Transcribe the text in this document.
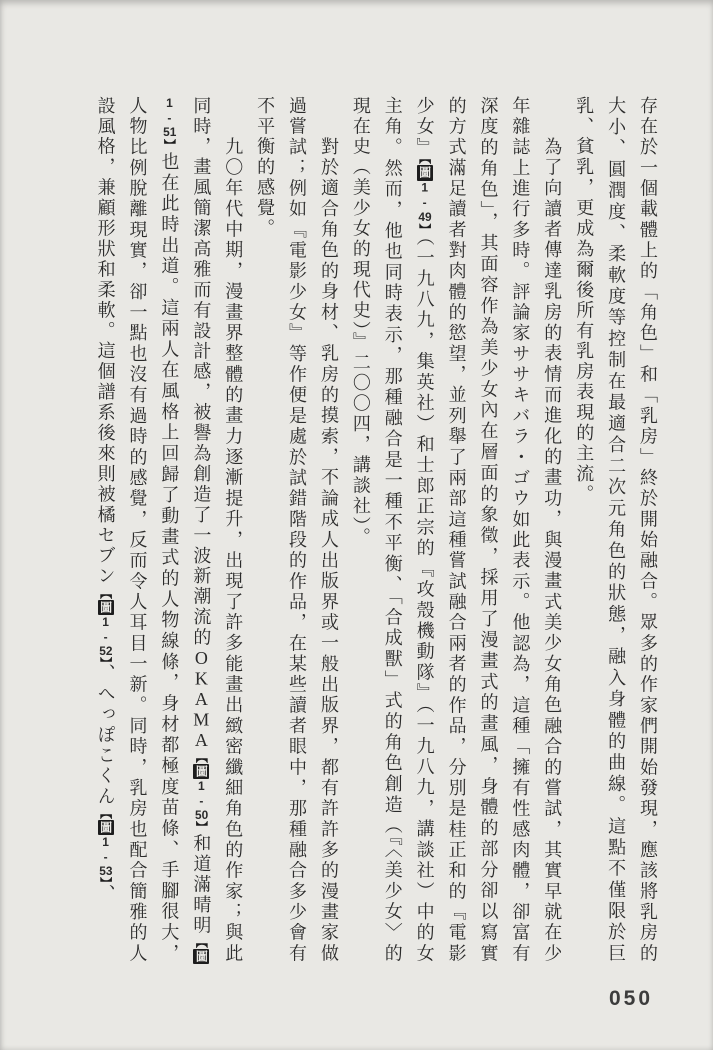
存在於一個載體上的「角色」和「乳房」終於開始融合。眾多的作家們開始發現，應該將乳房的大小、圓潤度、柔軟度等控制在最適合二次元角色的狀態，融入身體的曲線。這點不僅限於巨乳、貧乳，更成為爾後所有乳房表現的主流。

為了向讀者傳達乳房的表情而進化的畫功，與漫畫式美少女角色融合的嘗試，其實早就在少年雜誌上進行多時。評論家ササキバラ・ゴウ如此表示。他認為，這種「擁有性感肉體，卻富有深度的角色」，其面容作為美少女內在層面的象徵，採用了漫畫式的畫風，身體的部分卻以寫實的方式滿足讀者對肉體的慾望，並列舉了兩部這種嘗試融合兩者的作品，分別是桂正和的『電影少女』【圖1-49】（一九八九，集英社）和士郎正宗的『攻殼機動隊』（一九八九，講談社）中的女主角。然而，他也同時表示，那種融合是一種不平衡、「合成獸」式的角色創造（『〈美少女〉的現在史（美少女的現代史）』二〇〇四，講談社）。

對於適合角色的身材、乳房的摸索，不論成人出版界或一般出版界，都有許許多的漫畫家做過嘗試；例如『電影少女』等作便是處於試錯階段的作品，在某些讀者眼中，那種融合多少會有不平衡的感覺。

九〇年代中期，漫畫界整體的畫力逐漸提升，出現了許多能畫出緻密纖細角色的作家；與此同時，畫風簡潔高雅而有設計感，被譽為創造了一波新潮流的OKAMA【圖1-50】和道滿晴明【圖1-51】也在此時出道。這兩人在風格上回歸了動畫式的人物線條，身材都極度苗條、手腳很大，人物比例脫離現實，卻一點也沒有過時的感覺，反而令人耳目一新。同時，乳房也配合簡雅的人設風格，兼顧形狀和柔軟。這個譜系後來則被橘セブン【圖1-52】、へっぽこくん【圖1-53】、

050
